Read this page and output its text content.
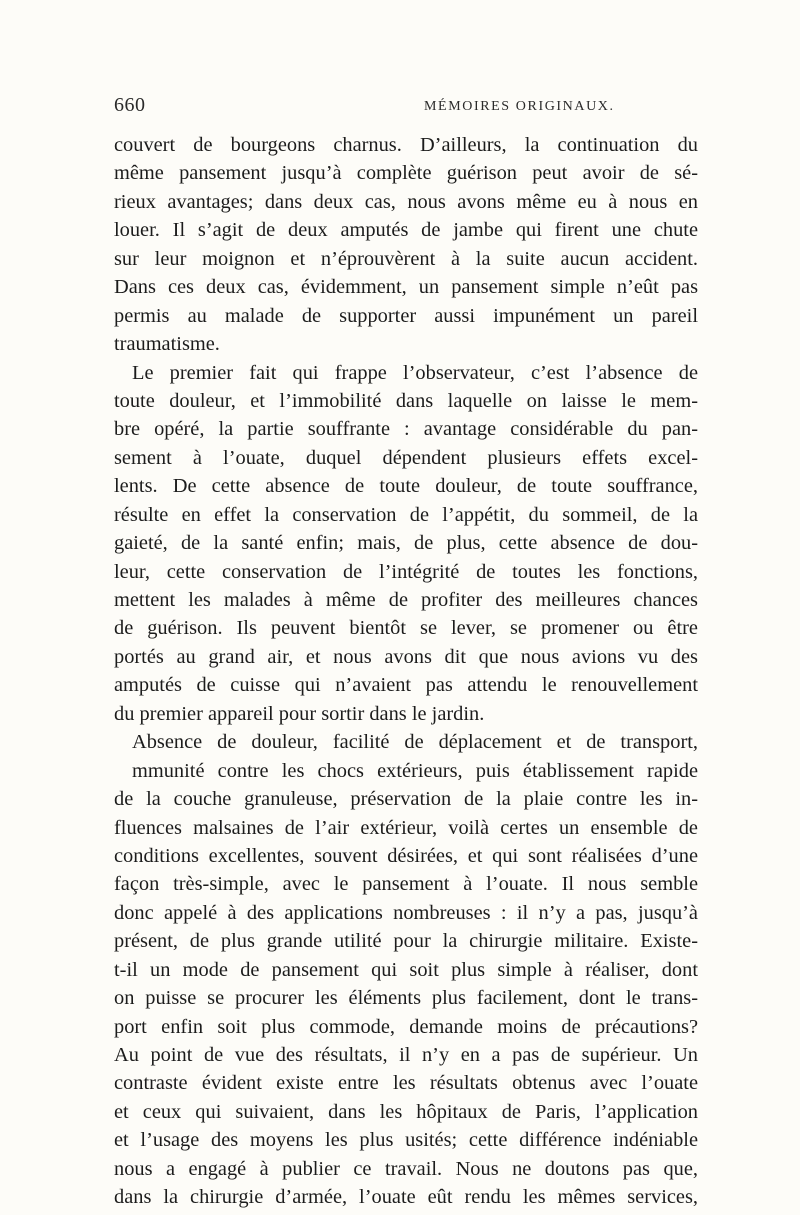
660	MÉMOIRES ORIGINAUX.
couvert de bourgeons charnus. D’ailleurs, la continuation du
même pansement jusqu’à complète guérison peut avoir de sé-
rieux avantages; dans deux cas, nous avons même eu à nous en
louer. Il s’agit de deux amputés de jambe qui firent une chute
sur leur moignon et n’éprouvèrent à la suite aucun accident.
Dans ces deux cas, évidemment, un pansement simple n’eût pas
permis au malade de supporter aussi impunément un pareil
traumatisme.
Le premier fait qui frappe l’observateur, c’est l’absence de
toute douleur, et l’immobilité dans laquelle on laisse le mem-
bre opéré, la partie souffrante : avantage considérable du pan-
sement à l’ouate, duquel dépendent plusieurs effets excel-
lents. De cette absence de toute douleur, de toute souffrance,
résulte en effet la conservation de l’appétit, du sommeil, de la
gaieté, de la santé enfin; mais, de plus, cette absence de dou-
leur, cette conservation de l’intégrité de toutes les fonctions,
mettent les malades à même de profiter des meilleures chances
de guérison. Ils peuvent bientôt se lever, se promener ou être
portés au grand air, et nous avons dit que nous avions vu des
amputés de cuisse qui n’avaient pas attendu le renouvellement
du premier appareil pour sortir dans le jardin.
Absence de douleur, facilité de déplacement et de transport,
mmunité contre les chocs extérieurs, puis établissement rapide
de la couche granuleuse, préservation de la plaie contre les in-
fluences malsaines de l’air extérieur, voilà certes un ensemble de
conditions excellentes, souvent désirées, et qui sont réalisées d’une
façon très-simple, avec le pansement à l’ouate. Il nous semble
donc appelé à des applications nombreuses : il n’y a pas, jusqu’à
présent, de plus grande utilité pour la chirurgie militaire. Existe-
t-il un mode de pansement qui soit plus simple à réaliser, dont
on puisse se procurer les éléments plus facilement, dont le trans-
port enfin soit plus commode, demande moins de précautions?
Au point de vue des résultats, il n’y en a pas de supérieur. Un
contraste évident existe entre les résultats obtenus avec l’ouate
et ceux qui suivaient, dans les hôpitaux de Paris, l’application
et l’usage des moyens les plus usités; cette différence indéniable
nous a engagé à publier ce travail. Nous ne doutons pas que,
dans la chirurgie d’armée, l’ouate eût rendu les mêmes services,
